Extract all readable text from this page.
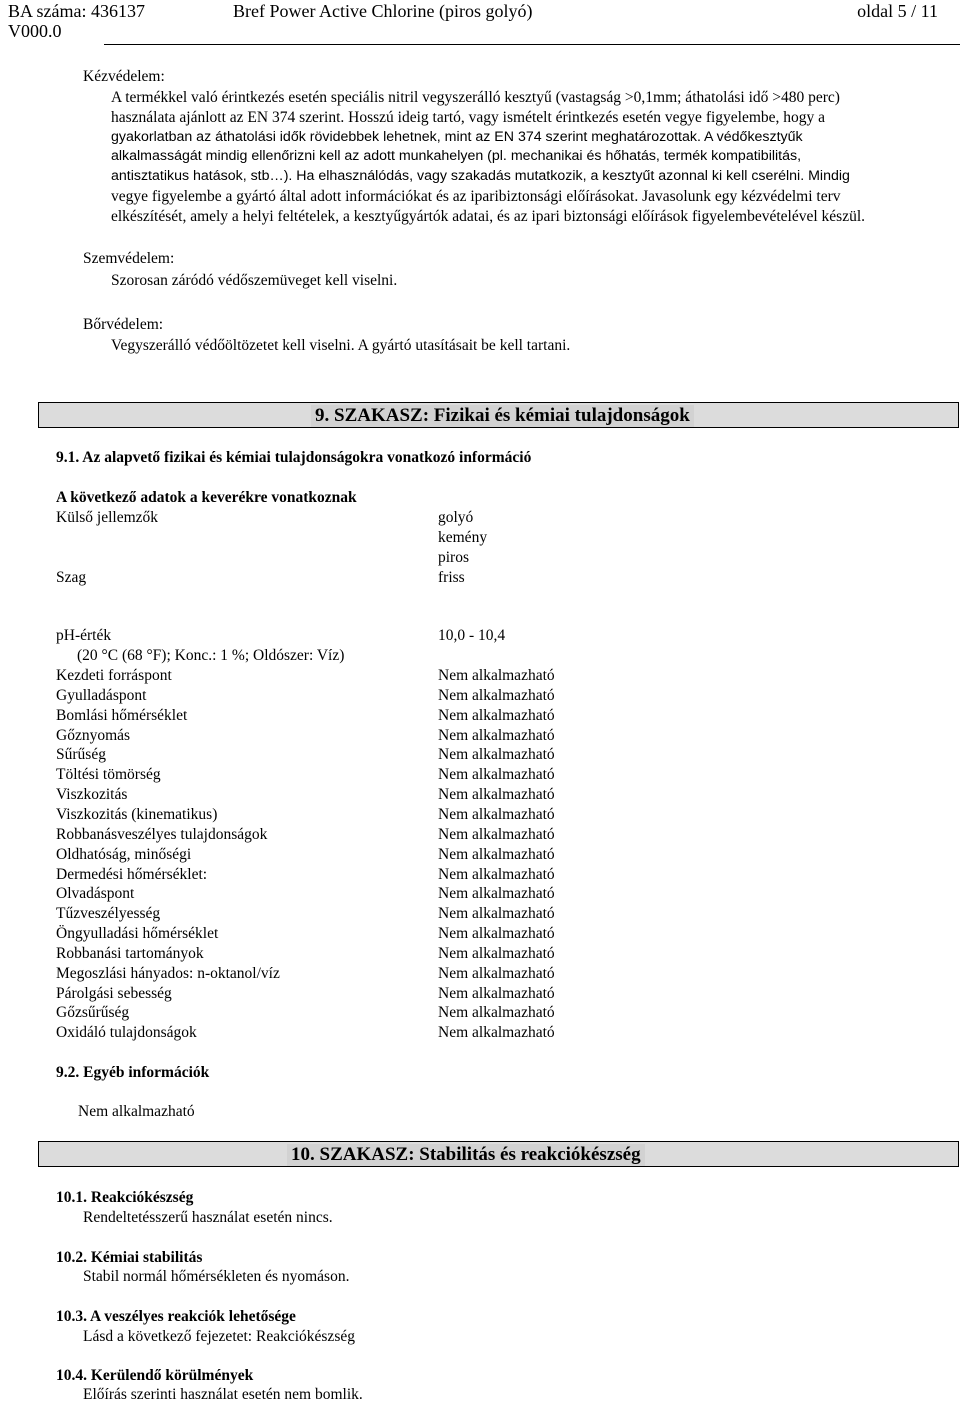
BA száma: 436137
V000.0
Bref Power Active Chlorine (piros golyó)	oldal 5 / 11
Kézvédelem:
A termékkel való érintkezés esetén speciális nitril vegyszerálló kesztyű (vastagság >0,1mm; áthatolási idő >480 perc)
használata ajánlott az EN 374 szerint. Hosszú ideig tartó, vagy ismételt érintkezés esetén vegye figyelembe, hogy a
gyakorlatban az áthatolási idők rövidebbek lehetnek, mint az EN 374 szerint meghatározottak. A védőkesztyűk
alkalmasságát mindig ellenőrizni kell az adott munkahelyen (pl. mechanikai és hőhatás, termék kompatibilitás,
antisztatikus hatások, stb…). Ha elhasználódás, vagy szakadás mutatkozik, a kesztyűt azonnal ki kell cserélni. Mindig
vegye figyelembe a gyártó által adott információkat és az iparibiztonsági előírásokat. Javasolunk egy kézvédelmi terv
elkészítését, amely a helyi feltételek, a kesztyűgyártók adatai, és az ipari biztonsági előírások figyelembevételével készül.
Szemvédelem:
Szorosan záródó védőszemüveget kell viselni.
Bőrvédelem:
Vegyszerálló védőöltözetet kell viselni. A gyártó utasításait be kell tartani.
9. SZAKASZ: Fizikai és kémiai tulajdonságok
9.1. Az alapvető fizikai és kémiai tulajdonságokra vonatkozó információ
A következő adatok a keverékre vonatkoznak
Külső jellemzők	golyó
kemény
piros
Szag	friss
pH-érték	10,0 - 10,4
(20 °C (68 °F); Konc.: 1 %; Oldószer: Víz)
Kezdeti forráspont	Nem alkalmazható
Gyulladáspont	Nem alkalmazható
Bomlási hőmérséklet	Nem alkalmazható
Gőznyomás	Nem alkalmazható
Sűrűség	Nem alkalmazható
Töltési tömörség	Nem alkalmazható
Viszkozitás	Nem alkalmazható
Viszkozitás (kinematikus)	Nem alkalmazható
Robbanásveszélyes tulajdonságok	Nem alkalmazható
Oldhatóság, minőségi	Nem alkalmazható
Dermedési hőmérséklet:	Nem alkalmazható
Olvadáspont	Nem alkalmazható
Tűzveszélyesség	Nem alkalmazható
Öngyulladási hőmérséklet	Nem alkalmazható
Robbanási tartományok	Nem alkalmazható
Megoszlási hányados: n-oktanol/víz	Nem alkalmazható
Párolgási sebesség	Nem alkalmazható
Gőzsűrűség	Nem alkalmazható
Oxidáló tulajdonságok	Nem alkalmazható
9.2. Egyéb információk
Nem alkalmazható
10. SZAKASZ: Stabilitás és reakciókészség
10.1. Reakciókészség
Rendeltetésszerű használat esetén nincs.
10.2. Kémiai stabilitás
Stabil normál hőmérsékleten és nyomáson.
10.3. A veszélyes reakciók lehetősége
Lásd a következő fejezetet: Reakciókészség
10.4. Kerülendő körülmények
Előírás szerinti használat esetén nem bomlik.
